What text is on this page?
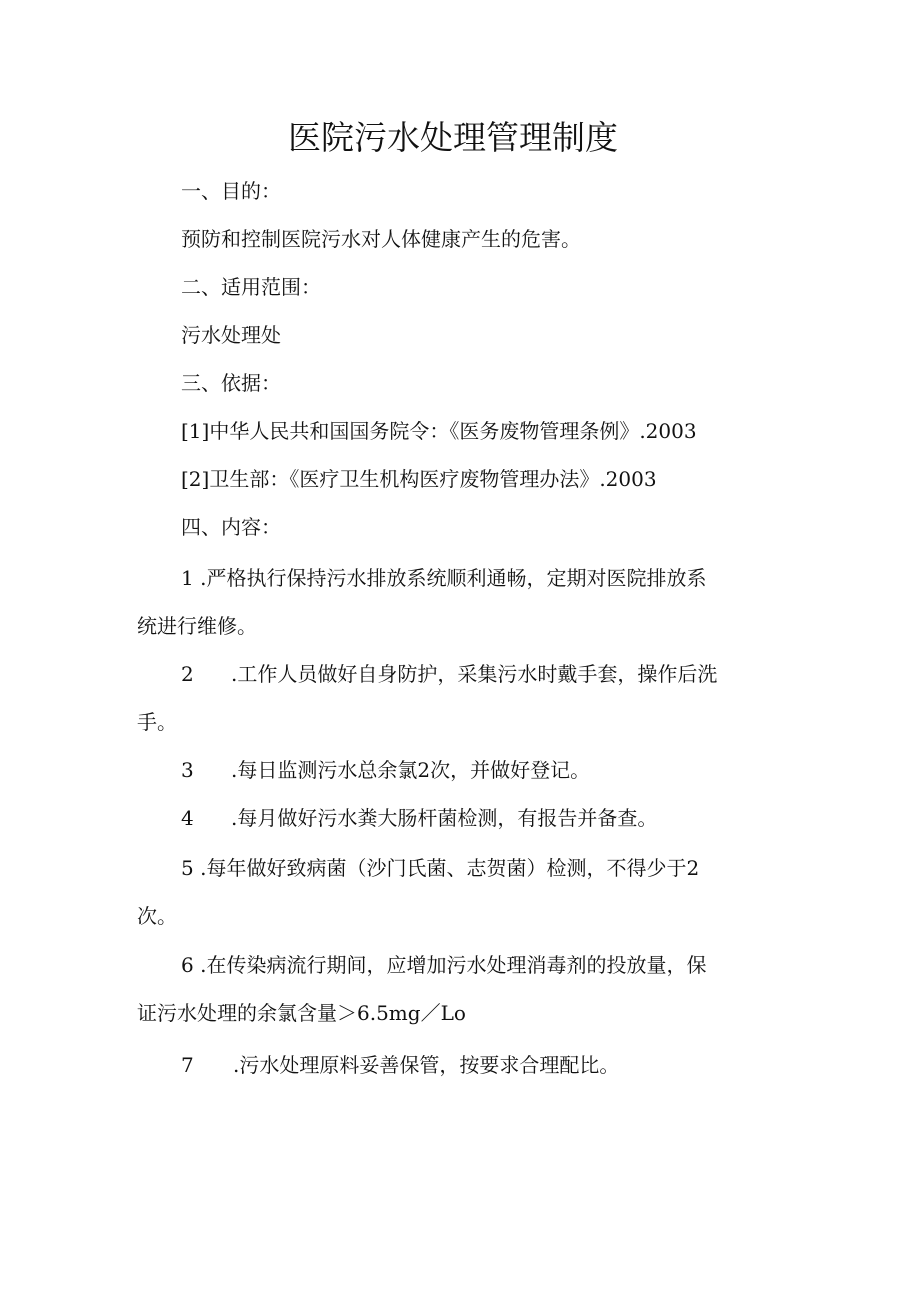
医院污水处理管理制度
一、目的：
预防和控制医院污水对人体健康产生的危害。
二、适用范围：
污水处理处
三、依据：
[1]中华人民共和国国务院令：《医务废物管理条例》.2003
[2]卫生部：《医疗卫生机构医疗废物管理办法》.2003
四、内容：
1 .严格执行保持污水排放系统顺利通畅，定期对医院排放系
统进行维修。
2 .工作人员做好自身防护，采集污水时戴手套，操作后洗
手。
3 .每日监测污水总余氯2次，并做好登记。
4 .每月做好污水粪大肠杆菌检测，有报告并备查。
5 .每年做好致病菌（沙门氏菌、志贺菌）检测，不得少于2
次。
6 .在传染病流行期间，应增加污水处理消毒剂的投放量，保
证污水处理的余氯含量＞6.5mg／Lo
7 .污水处理原料妥善保管，按要求合理配比。
